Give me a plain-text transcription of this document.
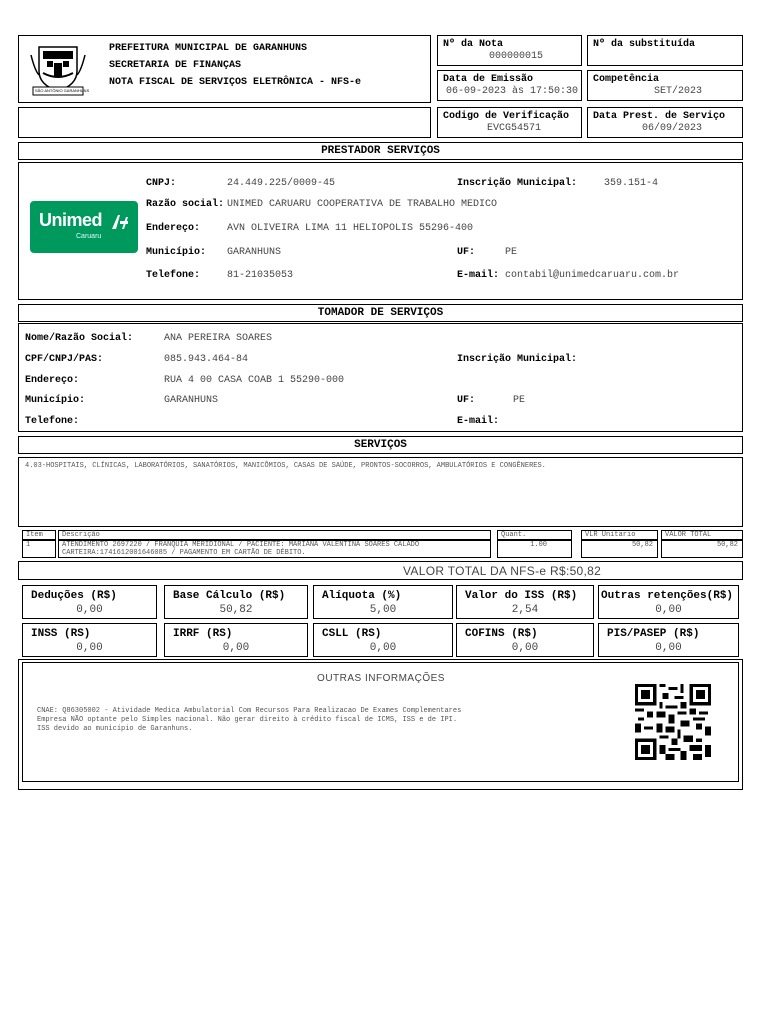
SÃO ANTÔNIO GARANHUNS
PREFEITURA MUNICIPAL DE GARANHUNS
SECRETARIA DE FINANÇAS
NOTA FISCAL DE SERVIÇOS ELETRÔNICA - NFS-e
Nº da Nota
000000015
Nº da substituída
Data de Emissão
06-09-2023 às 17:50:30
Competência
SET/2023
Codigo de Verificação
EVCG54571
Data Prest. de Serviço
06/09/2023
PRESTADOR SERVIÇOS
Unimed
Caruaru
CNPJ:	24.449.225/0009-45	Inscrição Municipal:	359.151-4
Razão social: UNIMED CARUARU COOPERATIVA DE TRABALHO MEDICO
Endereço:	AVN OLIVEIRA LIMA 11 HELIOPOLIS 55296-400
Município: GARANHUNS	UF:	PE
Telefone:	81-21035053	E-mail: contabil@unimedcaruaru.com.br
TOMADOR DE SERVIÇOS
Nome/Razão Social:	ANA PEREIRA SOARES
CPF/CNPJ/PAS:	085.943.464-84	Inscrição Municipal:
Endereço:	RUA 4 00 CASA COAB 1 55290-000
Município:	GARANHUNS	UF:	PE
Telefone:	E-mail:
SERVIÇOS
4.03-HOSPITAIS, CLÍNICAS, LABORATÓRIOS, SANATÓRIOS, MANICÔMIOS, CASAS DE SAÚDE, PRONTOS-SOCORROS, AMBULATÓRIOS E CONGÊNERES.
Item	Descrição	Quant.	VLR Unitario	VALOR TOTAL
1	ATENDIMENTO 2697220 / FRANQUIA MERIDIONAL / PACIENTE: MARIANA VALENTINA SOARES CALADO
CARTEIRA:1741612001646085 / PAGAMENTO EM CARTÃO DE DÉBITO.
1.00	50,82	50,82
VALOR TOTAL DA NFS-e R$:50,82
Deduções (R$)
0,00
Base Cálculo (R$)
50,82
Alíquota (%)
5,00
Valor do ISS (R$)
2,54
Outras retenções(R$)
0,00
INSS (RS)
0,00
IRRF (RS)
0,00
CSLL (RS)
0,00
COFINS (R$)
0,00
PIS/PASEP (R$)
0,00
OUTRAS INFORMAÇÕES
CNAE: Q86305002 - Atividade Medica Ambulatorial Com Recursos Para Realizacao De Exames Complementares
Empresa NÃO optante pelo Simples nacional. Não gerar direito à crédito fiscal de ICMS, ISS e de IPI.
ISS devido ao município de Garanhuns.
